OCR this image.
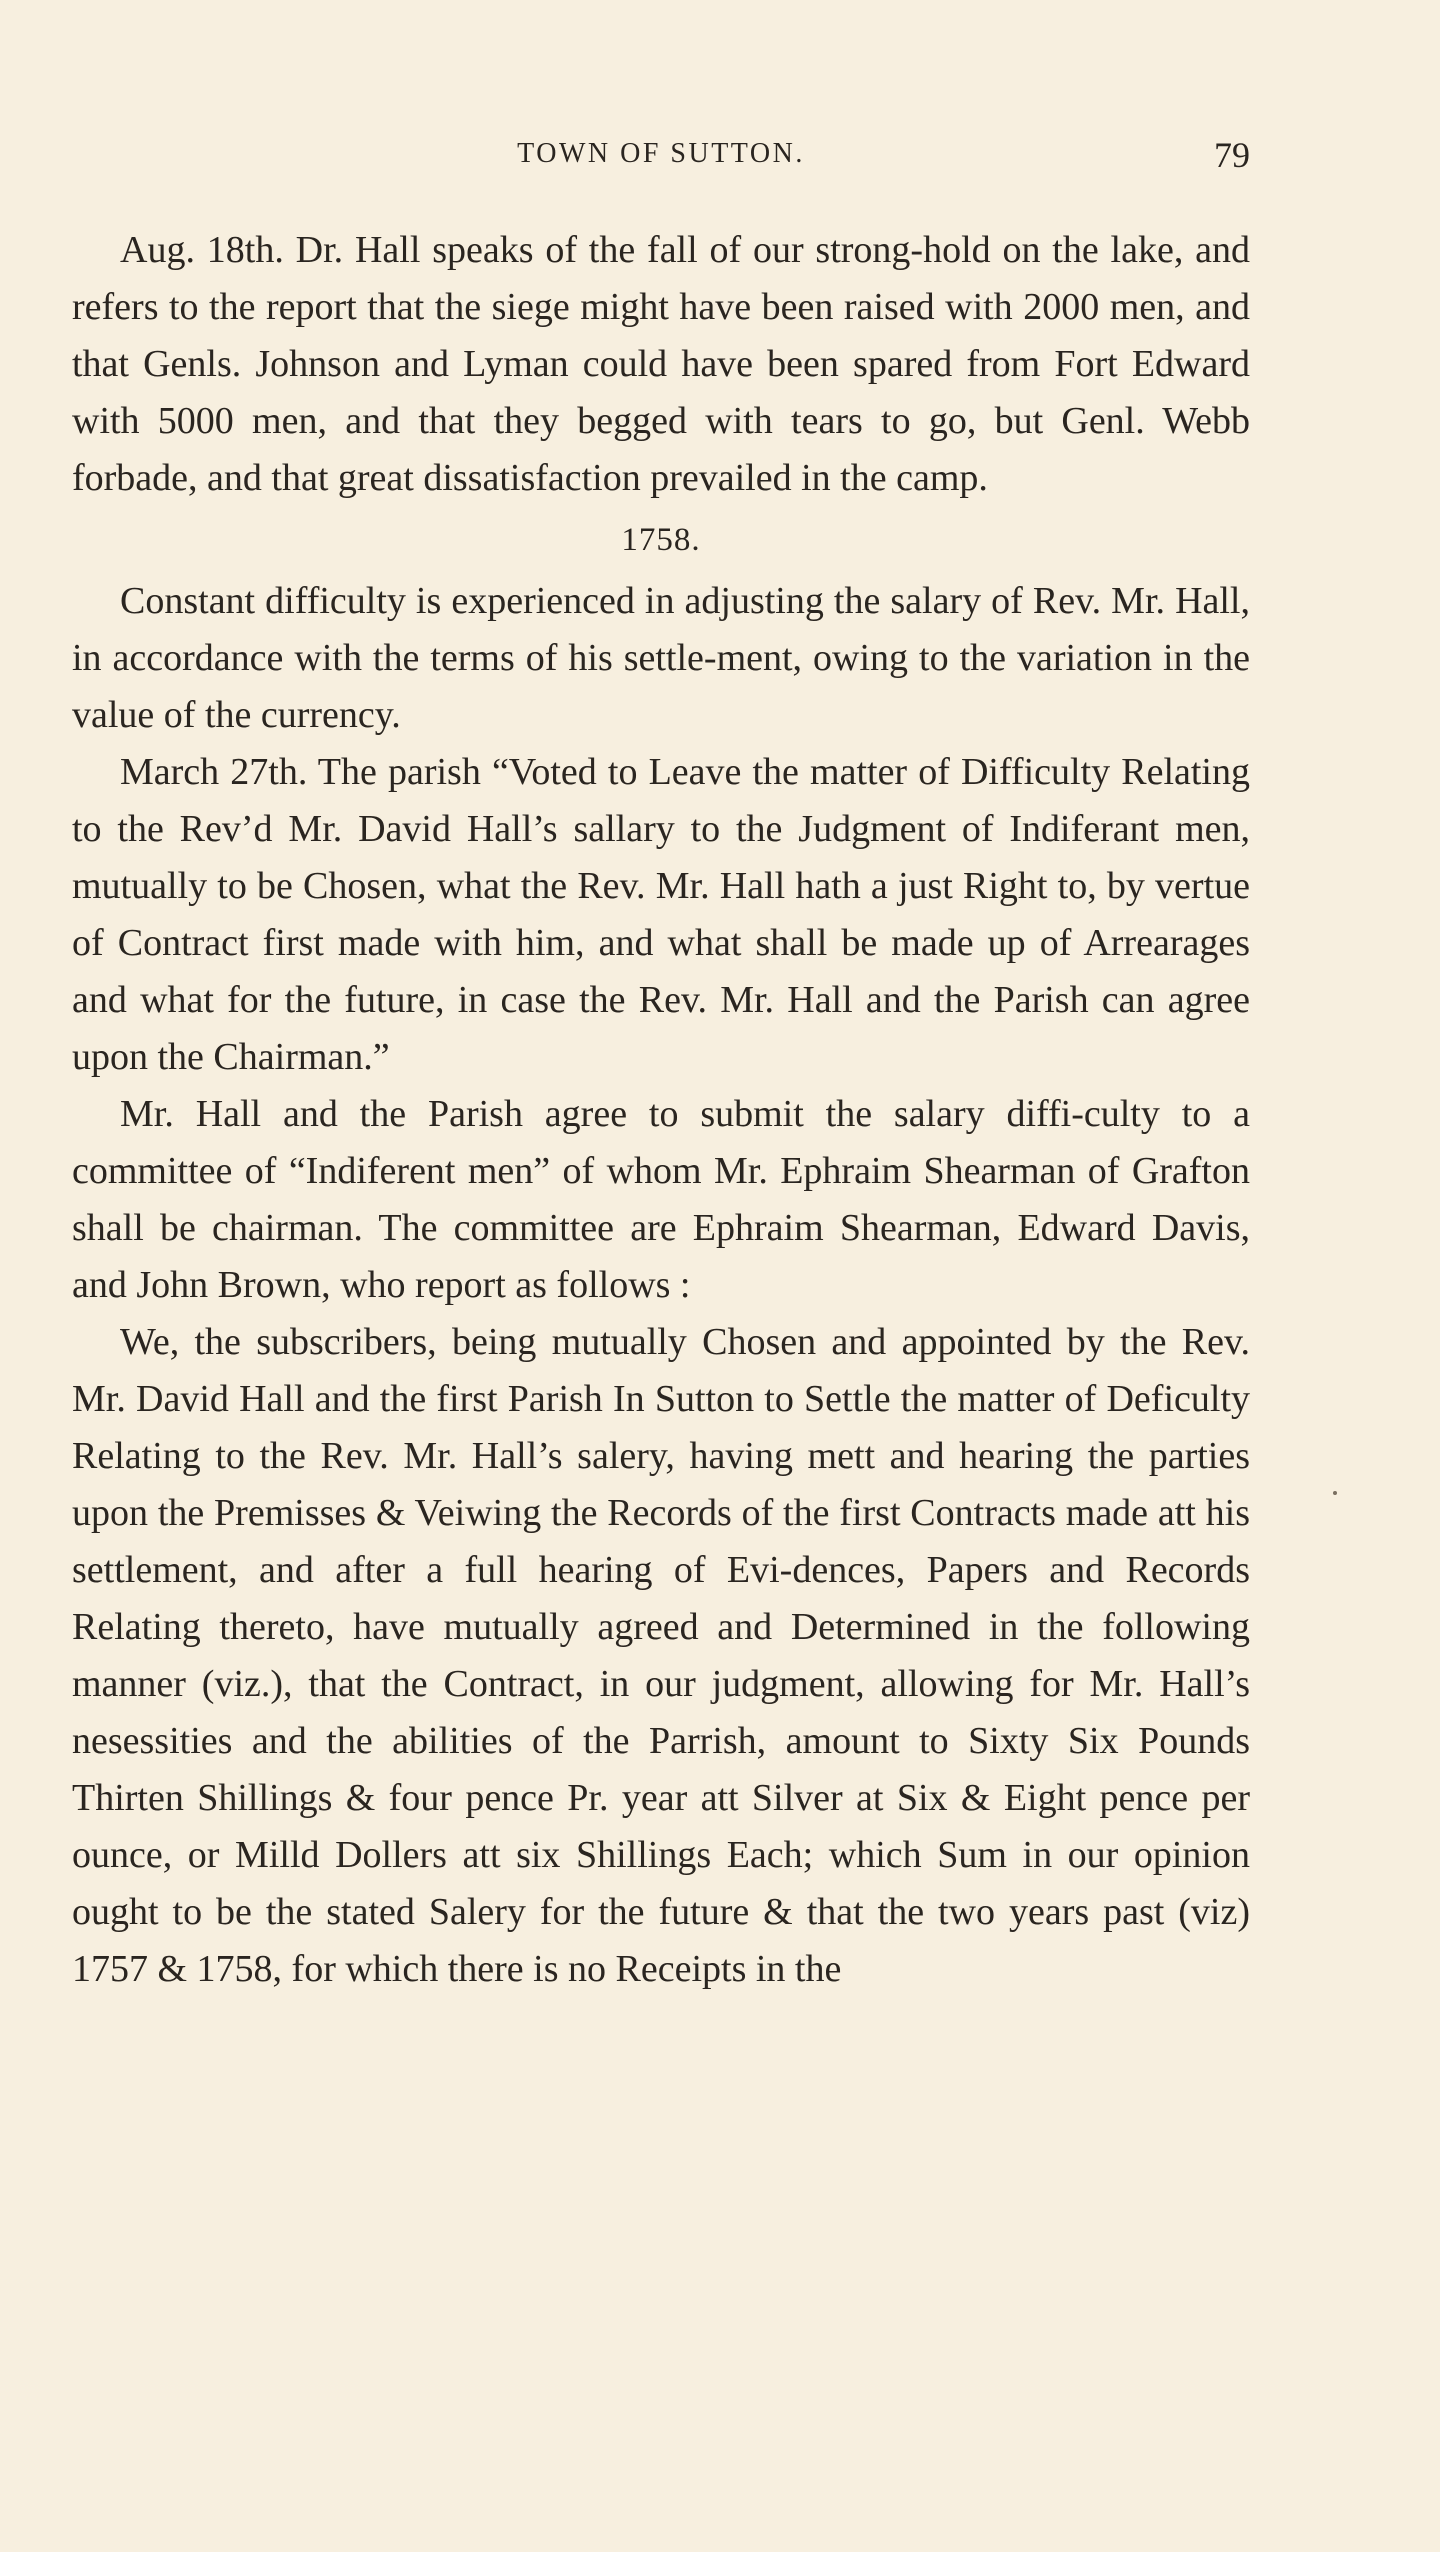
TOWN OF SUTTON.	79

Aug. 18th. Dr. Hall speaks of the fall of our strong-hold on the lake, and refers to the report that the siege might have been raised with 2000 men, and that Genls. Johnson and Lyman could have been spared from Fort Edward with 5000 men, and that they begged with tears to go, but Genl. Webb forbade, and that great dissatisfaction prevailed in the camp.

1758.

Constant difficulty is experienced in adjusting the salary of Rev. Mr. Hall, in accordance with the terms of his settle-ment, owing to the variation in the value of the currency.

March 27th. The parish “Voted to Leave the matter of Difficulty Relating to the Rev’d Mr. David Hall’s sallary to the Judgment of Indiferant men, mutually to be Chosen, what the Rev. Mr. Hall hath a just Right to, by vertue of Contract first made with him, and what shall be made up of Arrearages and what for the future, in case the Rev. Mr. Hall and the Parish can agree upon the Chairman.”

Mr. Hall and the Parish agree to submit the salary diffi-culty to a committee of “Indiferent men” of whom Mr. Ephraim Shearman of Grafton shall be chairman. The committee are Ephraim Shearman, Edward Davis, and John Brown, who report as follows :

We, the subscribers, being mutually Chosen and appointed by the Rev. Mr. David Hall and the first Parish In Sutton to Settle the matter of Deficulty Relating to the Rev. Mr. Hall’s salery, having mett and hearing the parties upon the Premisses & Veiwing the Records of the first Contracts made att his settlement, and after a full hearing of Evi-dences, Papers and Records Relating thereto, have mutually agreed and Determined in the following manner (viz.), that the Contract, in our judgment, allowing for Mr. Hall’s nesessities and the abilities of the Parrish, amount to Sixty Six Pounds Thirten Shillings & four pence Pr. year att Silver at Six & Eight pence per ounce, or Milld Dollers att six Shillings Each; which Sum in our opinion ought to be the stated Salery for the future & that the two years past (viz) 1757 & 1758, for which there is no Receipts in the
